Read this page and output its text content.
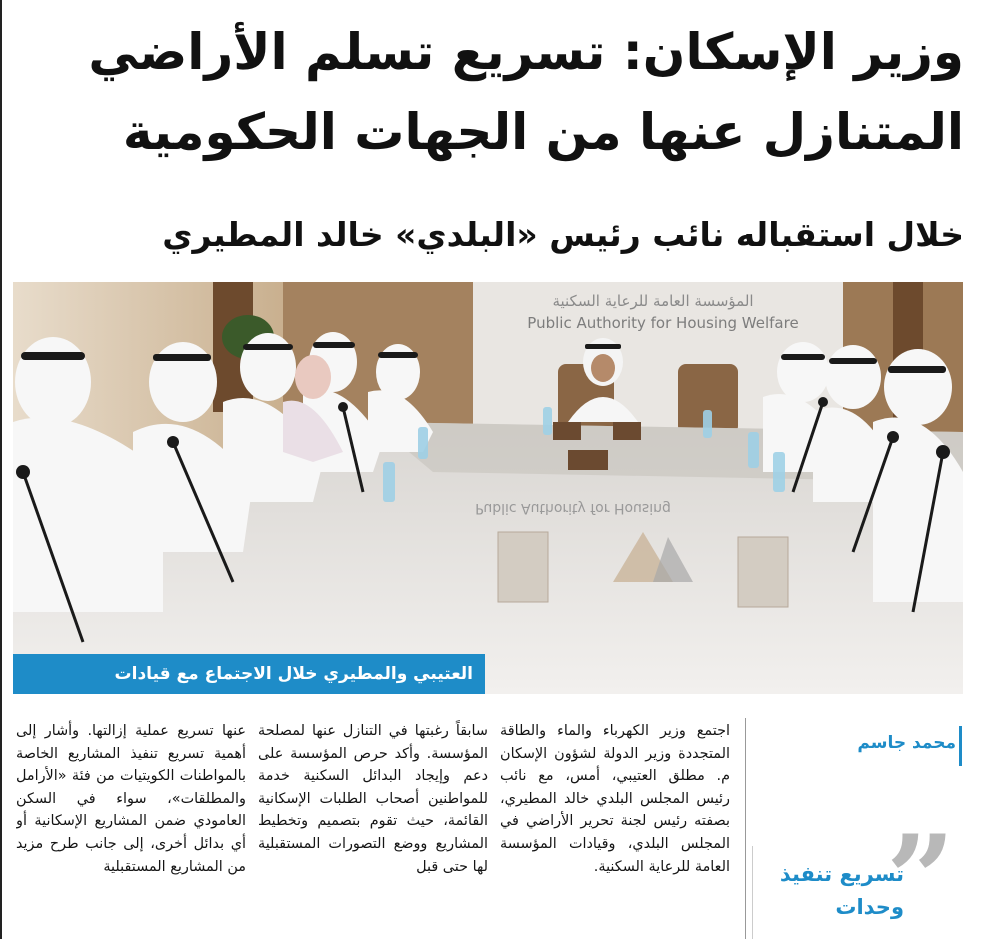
وزير الإسكان: تسريع تسلم الأراضي
المتنازل عنها من الجهات الحكومية
خلال استقباله نائب رئيس «البلدي» خالد المطيري
المؤسسة العامة للرعاية السكنية
Public Authority for Housing Welfare
Public Authority for Housing
العتيبي والمطيري خلال الاجتماع مع قيادات «السكنية»
محمد جاسم
”
تسريع تنفيذ وحدات
اجتمع وزير الكهرباء والماء والطاقة المتجددة وزير الدولة لشؤون الإسكان م. مطلق العتيبي، أمس، مع نائب رئيس المجلس البلدي خالد المطيري، بصفته رئيس لجنة تحرير الأراضي في المجلس البلدي، وقيادات المؤسسة العامة للرعاية السكنية.
سابقاً رغبتها في التنازل عنها لمصلحة المؤسسة. وأكد حرص المؤسسة على دعم وإيجاد البدائل السكنية خدمة للمواطنين أصحاب الطلبات الإسكانية القائمة، حيث تقوم بتصميم وتخطيط المشاريع ووضع التصورات المستقبلية لها حتى قبل
عنها تسريع عملية إزالتها. وأشار إلى أهمية تسريع تنفيذ المشاريع الخاصة بالمواطنات الكويتيات من فئة «الأرامل والمطلقات»، سواء في السكن العامودي ضمن المشاريع الإسكانية أو أي بدائل أخرى، إلى جانب طرح مزيد من المشاريع المستقبلية
